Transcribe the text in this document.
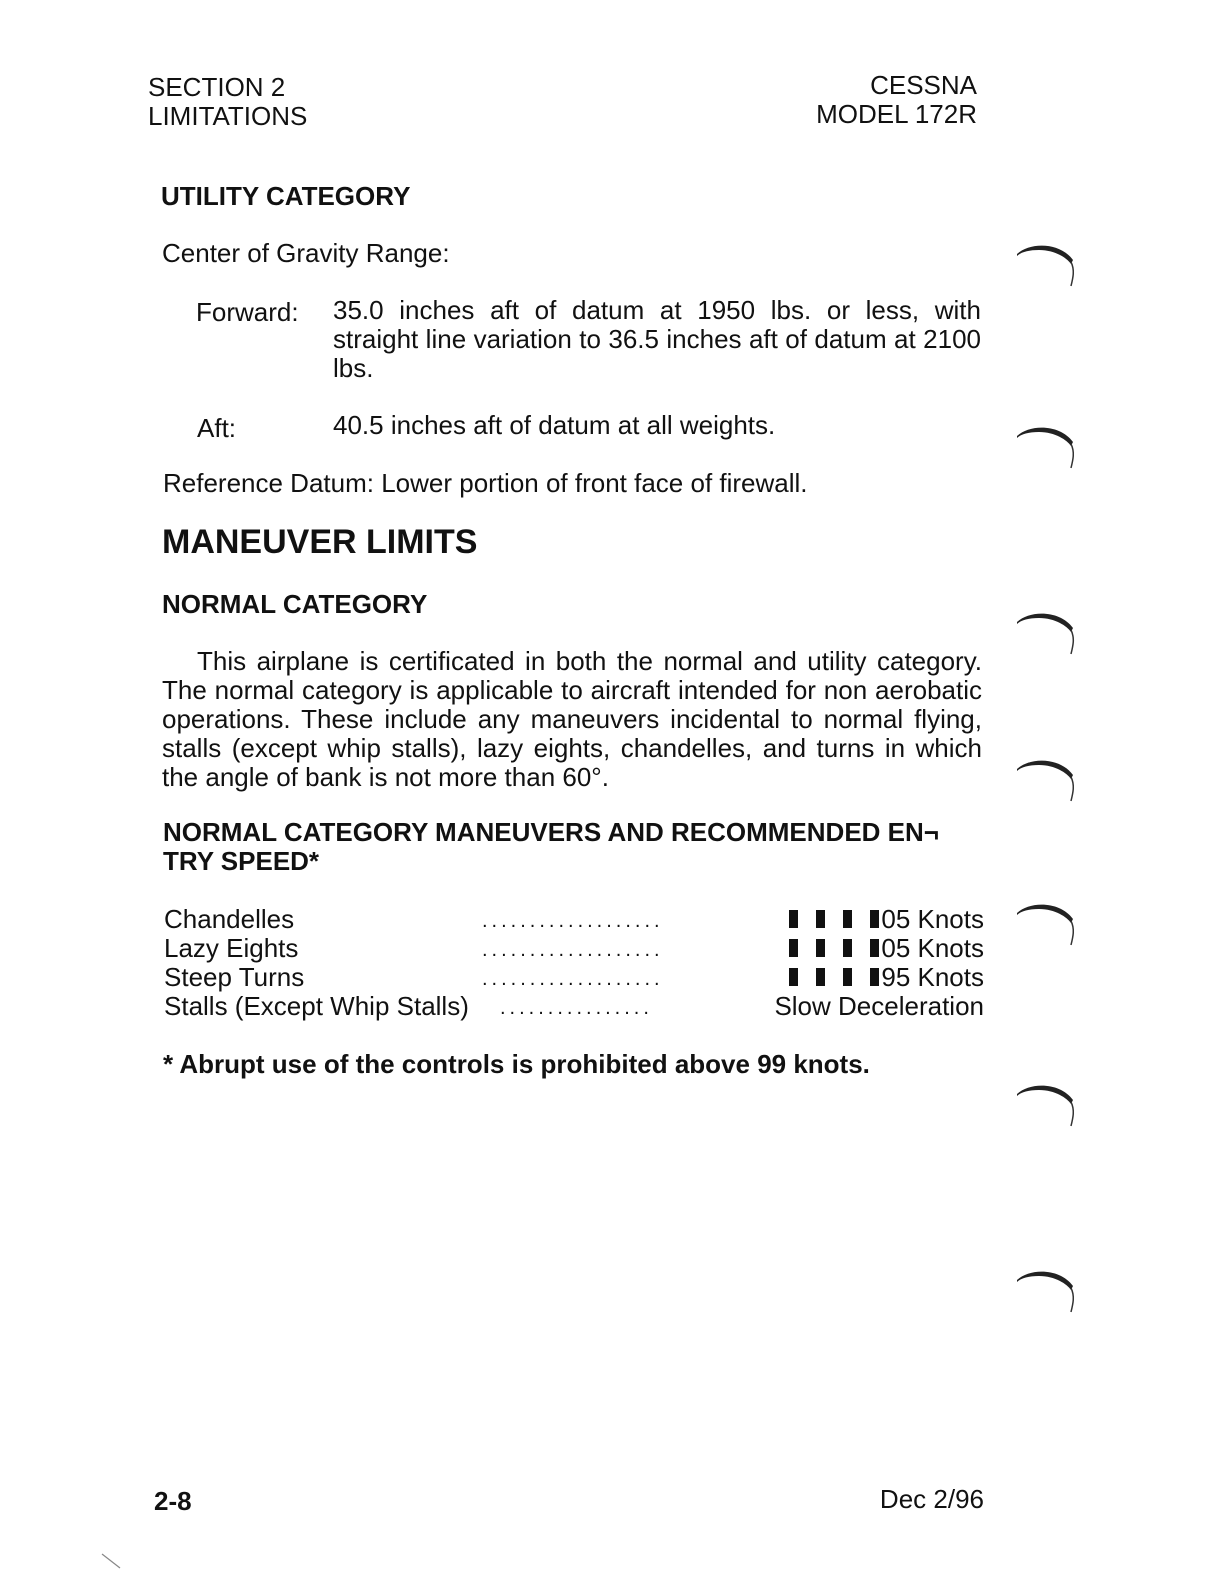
SECTION 2
LIMITATIONS
CESSNA
MODEL 172R
UTILITY CATEGORY
Center of Gravity Range:
Forward: 35.0 inches aft of datum at 1950 lbs. or less, with straight line variation to 36.5 inches aft of datum at 2100 lbs.
Aft:	40.5 inches aft of datum at all weights.
Reference Datum: Lower portion of front face of firewall.
MANEUVER LIMITS
NORMAL CATEGORY
This airplane is certificated in both the normal and utility category. The normal category is applicable to aircraft intended for non aerobatic operations. These include any maneuvers incidental to normal flying, stalls (except whip stalls), lazy eights, chandelles, and turns in which the angle of bank is not more than 60°.
NORMAL CATEGORY MANEUVERS AND RECOMMENDED EN¬
TRY SPEED*
Chandelles	...................	05 Knots
Lazy Eights	...................	05 Knots
Steep Turns	...................	95 Knots
Stalls (Except Whip Stalls) ................	Slow Deceleration
* Abrupt use of the controls is prohibited above 99 knots.
2-8	Dec 2/96
